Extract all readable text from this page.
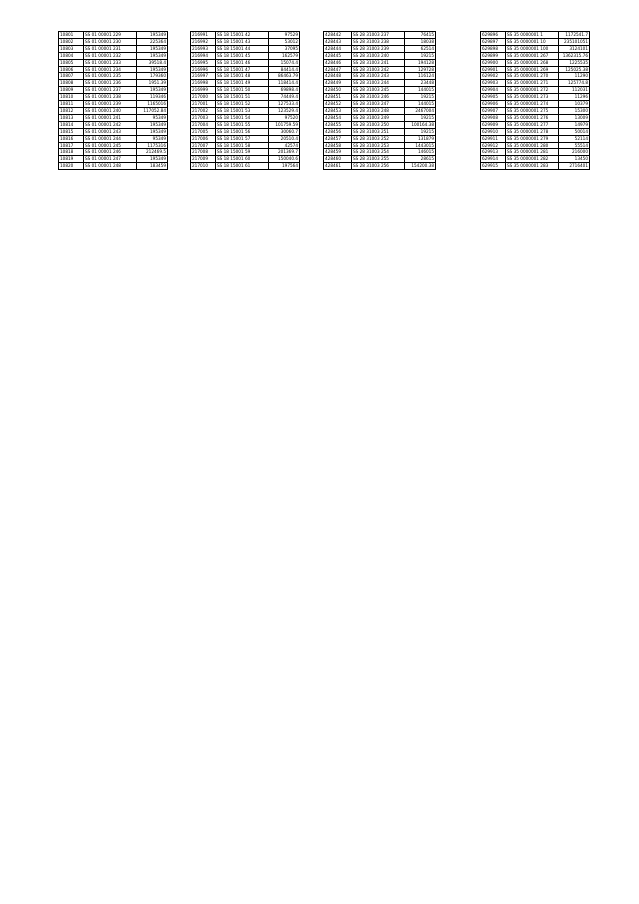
10801	SS 01 00001 229	195349
10802	SS 01 00001 230	225364
10803	SS 01 00001 231	195349
10804	SS 01 00001 232	195349
10805	SS 01 00001 233	39518.4
10806	SS 01 00001 234	195349
10807	SS 01 00001 235	179360
10808	SS 01 00001 236	1951.39
10809	SS 01 00001 237	195349
10810	SS 01 00001 238	119346
10811	SS 01 00001 239	1165016
10812	SS 01 00001 240	117052.84
10813	SS 01 00001 241	95349
10814	SS 01 00001 242	195349
10815	SS 01 00001 243	195349
10816	SS 01 00001 244	95349
10817	SS 01 00001 245	1175316
10818	SS 01 00001 246	212469.5
10819	SS 01 00001 247	195349
10820	SS 01 00001 248	183459
216991	SS 18 15001 42	97529
216992	SS 18 15001 43	53012
216993	SS 18 15001 44	37095
216994	SS 18 15001 45	162579
216995	SS 18 15001 46	15074.4
216996	SS 18 15001 47	84414.4
216997	SS 18 15001 48	86463.79
216998	SS 18 15001 49	118414.4
216999	SS 18 15001 50	69898.4
217000	SS 18 15001 51	74449.4
217001	SS 18 15001 52	127533.4
217002	SS 18 15001 53	123529.4
217003	SS 18 15001 54	97520
217004	SS 18 15001 55	101759.59
217005	SS 18 15001 56	30060.7
217006	SS 18 15001 57	20510.4
217007	SS 18 15001 58	42574
217008	SS 18 15001 59	201369.7
217009	SS 18 15001 60	150040.6
217010	SS 18 15001 61	197564
428442	SS 28 31003 237	76415
428443	SS 28 31003 238	18038
428444	SS 28 31003 239	62514
428445	SS 28 31003 240	19215
428446	SS 28 31003 241	194128
428447	SS 28 31003 242	129728
428448	SS 28 31003 243	116124
428449	SS 28 31003 244	23448
428450	SS 28 31003 245	144015
428451	SS 28 31003 246	19215
428452	SS 28 31003 247	144015
428453	SS 28 31003 248	2467004
428454	SS 28 31003 249	19215
428455	SS 28 31003 250	100164.38
428456	SS 28 31003 251	19215
428457	SS 28 31003 252	131879
428458	SS 28 31003 253	1443015
428459	SS 28 31003 254	146015
428460	SS 28 31003 255	28615
428461	SS 28 31003 256	154200.38
629896	SS 35 0000001 1	1172541.7
629897	SS 35 0000001 10	235101051
629898	SS 35 0000001 100	3124101
629899	SS 35 0000001 267	1362315.76
629900	SS 35 0000001 268	1225535
629901	SS 35 0000001 269	125025.38
629902	SS 35 0000001 270	11290
629903	SS 35 0000001 271	125774.8
629904	SS 35 0000001 272	112031
629905	SS 35 0000001 273	11296
629906	SS 35 0000001 274	10379
629907	SS 35 0000001 275	15300
629908	SS 35 0000001 276	13009
629909	SS 35 0000001 277	14979
629910	SS 35 0000001 278	50014
629911	SS 35 0000001 279	52114
629912	SS 35 0000001 280	55514
629913	SS 35 0000001 281	216000
629914	SS 35 0000001 282	13450
629915	SS 35 0000001 283	2716401
